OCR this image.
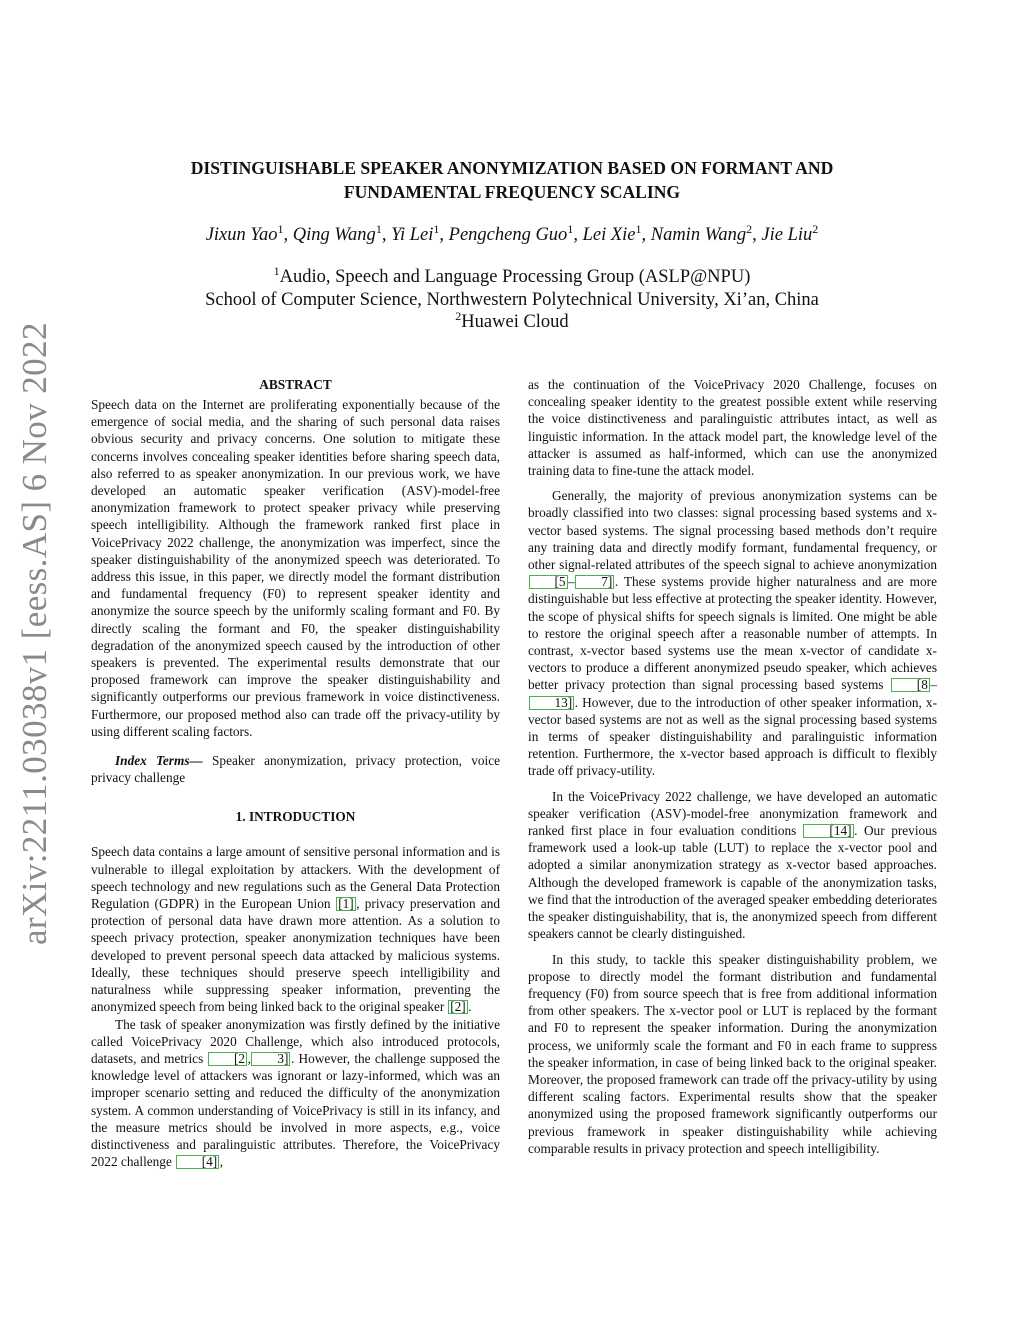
arXiv:2211.03038v1 [eess.AS] 6 Nov 2022
DISTINGUISHABLE SPEAKER ANONYMIZATION BASED ON FORMANT AND
FUNDAMENTAL FREQUENCY SCALING
Jixun Yao$^1$, Qing Wang$^1$, Yi Lei$^1$, Pengcheng Guo$^1$, Lei Xie$^1$, Namin Wang$^2$, Jie Liu$^2$
$^1$Audio, Speech and Language Processing Group (ASLP@NPU)
School of Computer Science, Northwestern Polytechnical University, Xi’an, China
$^2$Huawei Cloud
ABSTRACT

Speech data on the Internet are proliferating exponentially because of the emergence of social media, and the sharing of such personal data raises obvious security and privacy concerns. One solution to mitigate these concerns involves concealing speaker identities before sharing speech data, also referred to as speaker anonymization. In our previous work, we have developed an automatic speaker verification (ASV)-model-free anonymization framework to protect speaker privacy while preserving speech intelligibility. Although the framework ranked first place in VoicePrivacy 2022 challenge, the anonymization was imperfect, since the speaker distinguishability of the anonymized speech was deteriorated. To address this issue, in this paper, we directly model the formant distribution and fundamental frequency (F0) to represent speaker identity and anonymize the source speech by the uniformly scaling formant and F0. By directly scaling the formant and F0, the speaker distinguishability degradation of the anonymized speech caused by the introduction of other speakers is prevented. The experimental results demonstrate that our proposed framework can improve the speaker distinguishability and significantly outperforms our previous framework in voice distinctiveness. Furthermore, our proposed method also can trade off the privacy-utility by using different scaling factors.

Index Terms— Speaker anonymization, privacy protection, voice privacy challenge

1. INTRODUCTION

Speech data contains a large amount of sensitive personal information and is vulnerable to illegal exploitation by attackers. With the development of speech technology and new regulations such as the General Data Protection Regulation (GDPR) in the European Union [1] , privacy preservation and protection of personal data have drawn more attention. As a solution to speech privacy protection, speaker anonymization techniques have been developed to prevent personal speech data attacked by malicious systems. Ideally, these techniques should preserve speech intelligibility and naturalness while suppressing speaker information, preventing the anonymized speech from being linked back to the original speaker [2] .

The task of speaker anonymization was firstly defined by the initiative called VoicePrivacy 2020 Challenge, which also introduced protocols, datasets, and metrics [2 , 3] . However, the challenge supposed the knowledge level of attackers was ignorant or lazy-informed, which was an improper scenario setting and reduced the difficulty of the anonymization system. A common understanding of VoicePrivacy is still in its infancy, and the measure metrics should be involved in more aspects, e.g., voice distinctiveness and paralinguistic attributes. Therefore, the VoicePrivacy 2022 challenge [4] ,

as the continuation of the VoicePrivacy 2020 Challenge, focuses on concealing speaker identity to the greatest possible extent while reserving the voice distinctiveness and paralinguistic attributes intact, as well as linguistic information. In the attack model part, the knowledge level of the attacker is assumed as half-informed, which can use the anonymized training data to fine-tune the attack model.

Generally, the majority of previous anonymization systems can be broadly classified into two classes: signal processing based systems and x-vector based systems. The signal processing based methods don’t require any training data and directly modify formant, fundamental frequency, or other signal-related attributes of the speech signal to achieve anonymization [5 – 7] . These systems provide higher naturalness and are more distinguishable but less effective at protecting the speaker identity. However, the scope of physical shifts for speech signals is limited. One might be able to restore the original speech after a reasonable number of attempts. In contrast, x-vector based systems use the mean x-vector of candidate x-vectors to produce a different anonymized pseudo speaker, which achieves better privacy protection than signal processing based systems [8 –13] . However, due to the introduction of other speaker information, x-vector based systems are not as well as the signal processing based systems in terms of speaker distinguishability and paralinguistic information retention. Furthermore, the x-vector based approach is difficult to flexibly trade off privacy-utility.

In the VoicePrivacy 2022 challenge, we have developed an automatic speaker verification (ASV)-model-free anonymization framework and ranked first place in four evaluation conditions [14] . Our previous framework used a look-up table (LUT) to replace the x-vector pool and adopted a similar anonymization strategy as x-vector based approaches. Although the developed framework is capable of the anonymization tasks, we find that the introduction of the averaged speaker embedding deteriorates the speaker distinguishability, that is, the anonymized speech from different speakers cannot be clearly distinguished.

In this study, to tackle this speaker distinguishability problem, we propose to directly model the formant distribution and fundamental frequency (F0) from source speech that is free from additional information from other speakers. The x-vector pool or LUT is replaced by the formant and F0 to represent the speaker information. During the anonymization process, we uniformly scale the formant and F0 in each frame to suppress the speaker information, in case of being linked back to the original speaker. Moreover, the proposed framework can trade off the privacy-utility by using different scaling factors. Experimental results show that the speaker anonymized using the proposed framework significantly outperforms our previous framework in speaker distinguishability while achieving comparable results in privacy protection and speech intelligibility.
